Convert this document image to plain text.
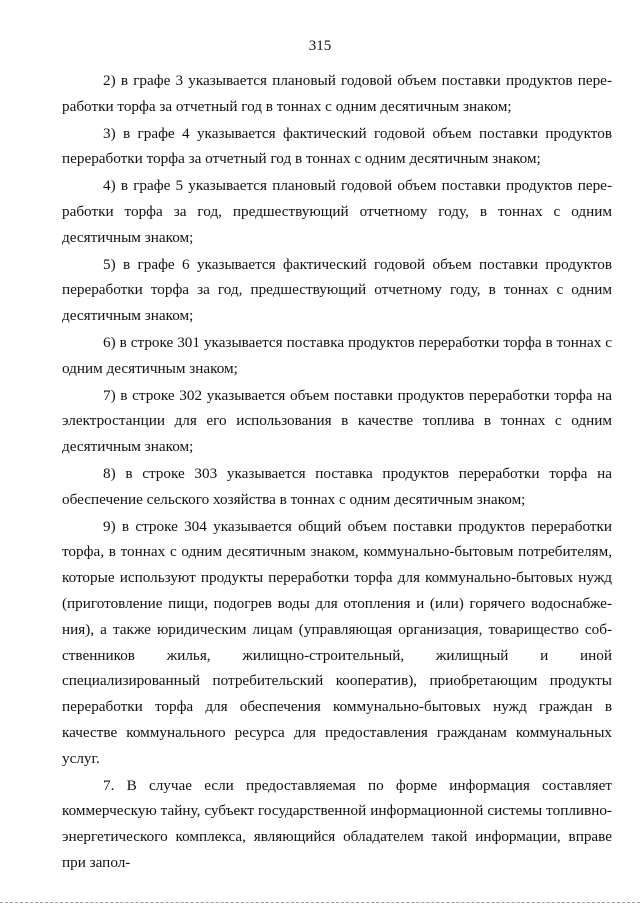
315

2) в графе 3 указывается плановый годовой объем поставки продуктов переработки торфа за отчетный год в тоннах с одним десятичным знаком;

3) в графе 4 указывается фактический годовой объем поставки продуктов переработки торфа за отчетный год в тоннах с одним десятичным знаком;

4) в графе 5 указывается плановый годовой объем поставки продуктов переработки торфа за год, предшествующий отчетному году, в тоннах с одним десятичным знаком;

5) в графе 6 указывается фактический годовой объем поставки продуктов переработки торфа за год, предшествующий отчетному году, в тоннах с одним десятичным знаком;

6) в строке 301 указывается поставка продуктов переработки торфа в тоннах с одним десятичным знаком;

7) в строке 302 указывается объем поставки продуктов переработки торфа на электростанции для его использования в качестве топлива в тоннах с одним десятичным знаком;

8) в строке 303 указывается поставка продуктов переработки торфа на обеспечение сельского хозяйства в тоннах с одним десятичным знаком;

9) в строке 304 указывается общий объем поставки продуктов переработки торфа, в тоннах с одним десятичным знаком, коммунально-бытовым потребителям, которые используют продукты переработки торфа для коммунально-бытовых нужд (приготовление пищи, подогрев воды для отопления и (или) горячего водоснабжения), а также юридическим лицам (управляющая организация, товарищество собственников жилья, жилищно-строительный, жилищный и иной специализированный потребительский кооператив), приобретающим продукты переработки торфа для обеспечения коммунально-бытовых нужд граждан в качестве коммунального ресурса для предоставления гражданам коммунальных услуг.

7. В случае если предоставляемая по форме информация составляет коммерческую тайну, субъект государственной информационной системы топливно-энергетического комплекса, являющийся обладателем такой информации, вправе при запол-
